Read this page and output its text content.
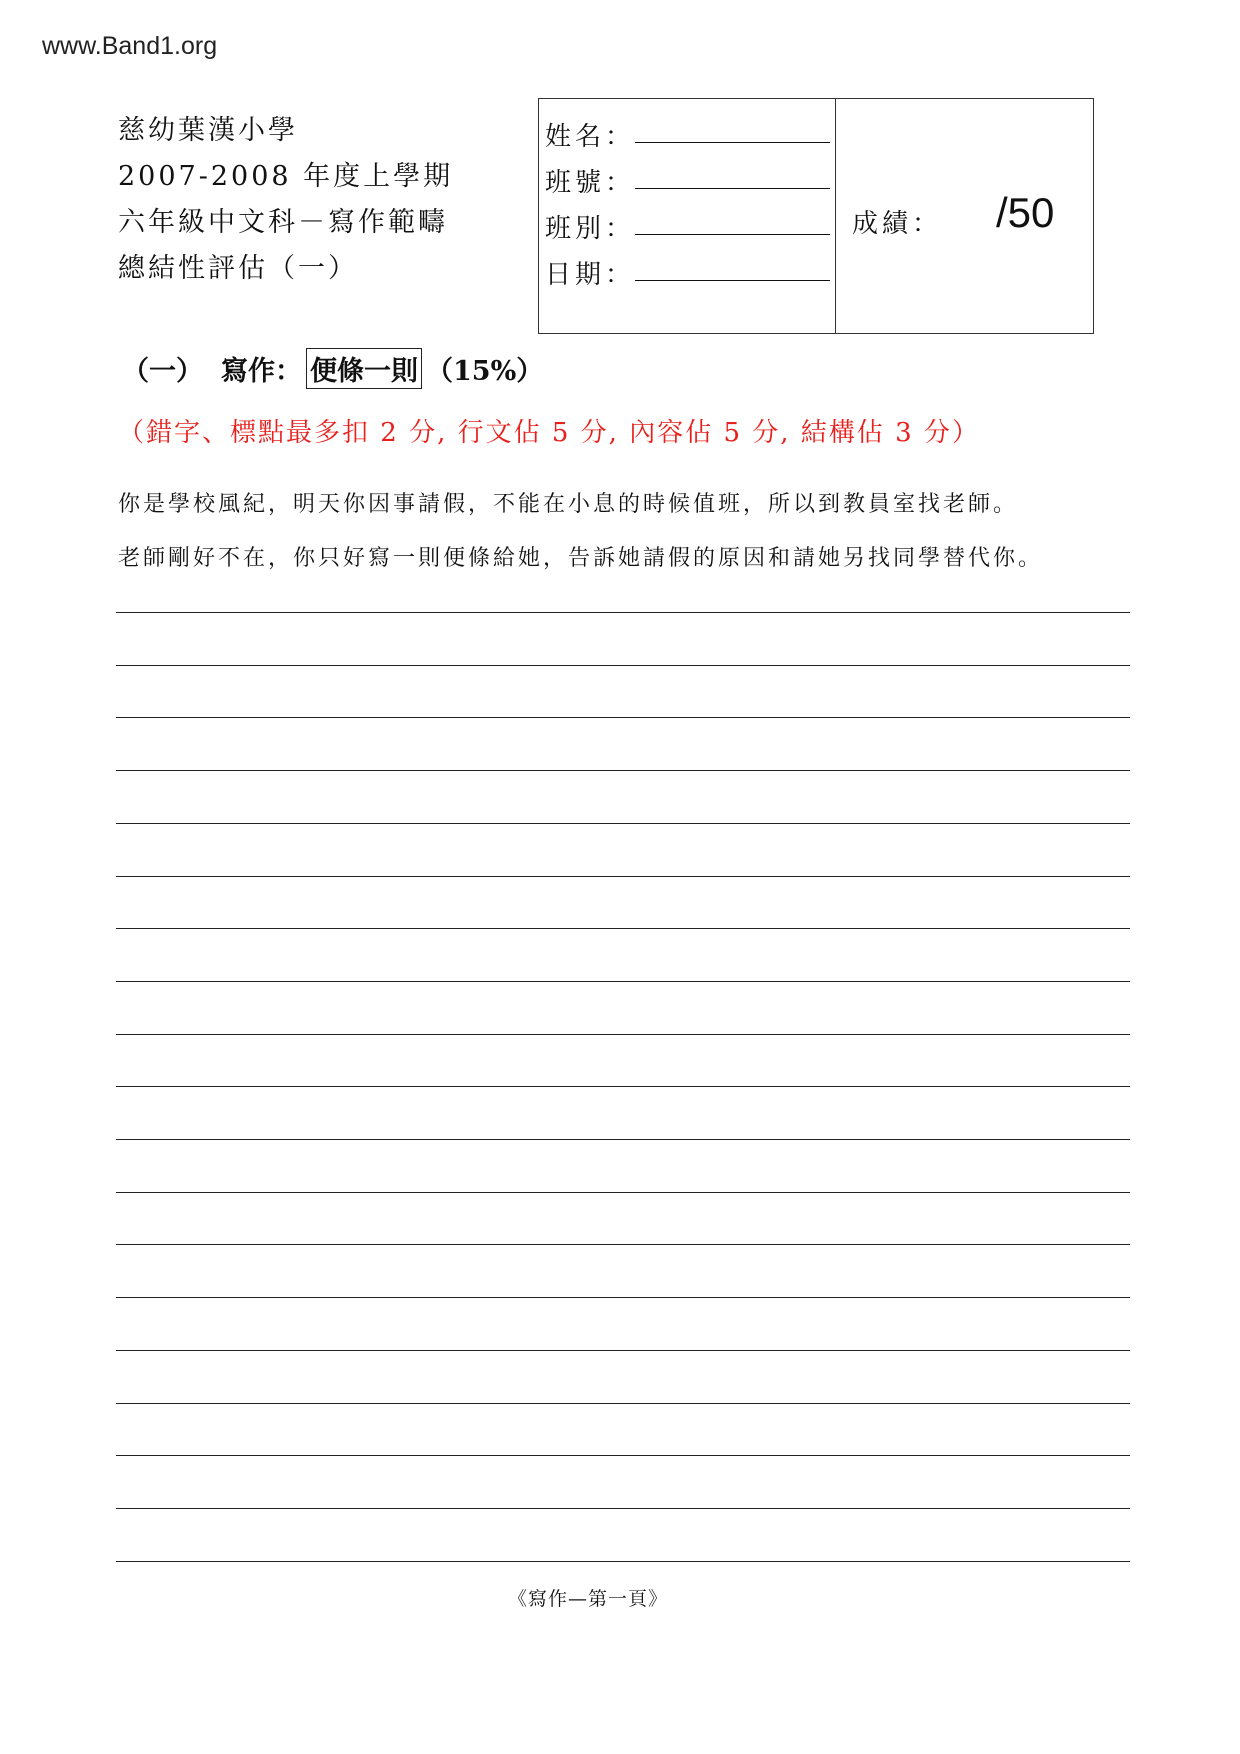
www.Band1.org
慈幼葉漢小學
2007-2008 年度上學期
六年級中文科－寫作範疇
總結性評估（一）
姓名：
班號：
班別：
日期：
成績： /50
（一） 寫作： 便條一則 （15%）
（錯字、標點最多扣 2 分, 行文佔 5 分, 內容佔 5 分, 結構佔 3 分）
你是學校風紀，明天你因事請假，不能在小息的時候值班，所以到教員室找老師。
老師剛好不在，你只好寫一則便條給她，告訴她請假的原因和請她另找同學替代你。
《寫作—第一頁》
